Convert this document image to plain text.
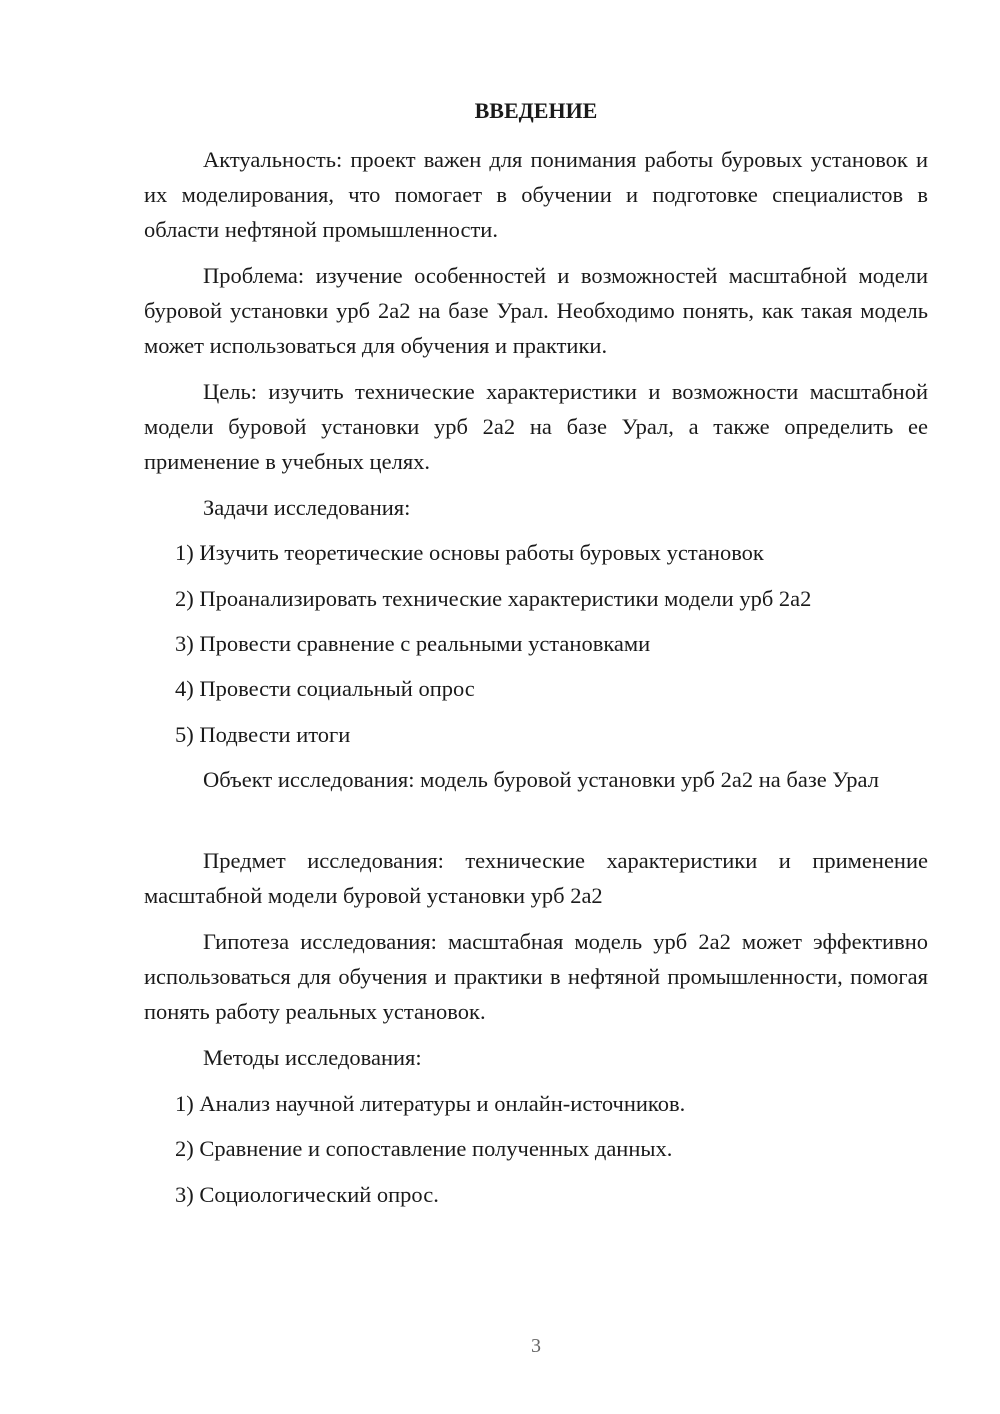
ВВЕДЕНИЕ

Актуальность: проект важен для понимания работы буровых установок и их моделирования, что помогает в обучении и подготовке специалистов в области нефтяной промышленности.

Проблема: изучение особенностей и возможностей масштабной модели буровой установки урб 2а2 на базе Урал. Необходимо понять, как такая модель может использоваться для обучения и практики.

Цель: изучить технические характеристики и возможности масштабной модели буровой установки урб 2а2 на базе Урал, а также определить ее применение в учебных целях.

Задачи исследования:

1) Изучить теоретические основы работы буровых установок

2) Проанализировать технические характеристики модели урб 2а2

3) Провести сравнение с реальными установками

4) Провести социальный опрос

5) Подвести итоги

Объект исследования: модель буровой установки урб 2а2 на базе Урал

Предмет исследования: технические характеристики и применение масштабной модели буровой установки урб 2а2

Гипотеза исследования: масштабная модель урб 2а2 может эффективно использоваться для обучения и практики в нефтяной промышленности, помогая понять работу реальных установок.

Методы исследования:

1) Анализ научной литературы и онлайн-источников.

2) Сравнение и сопоставление полученных данных.

3) Социологический опрос.

3
